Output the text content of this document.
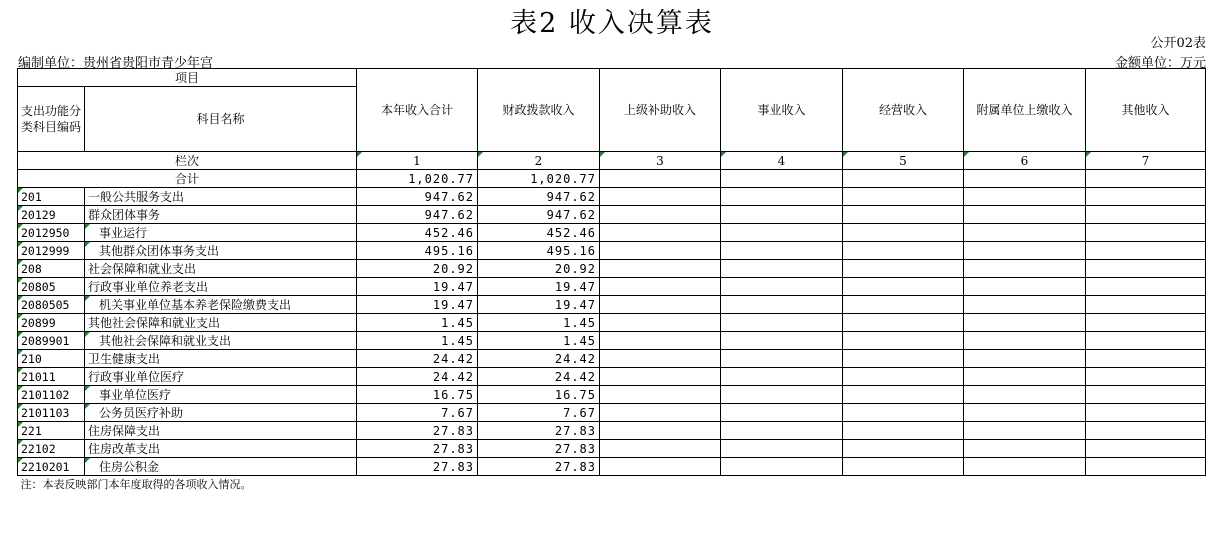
表2 收入决算表
公开02表
编制单位：贵州省贵阳市青少年宫	金额单位：万元
项目		本年收入合计	财政拨款收入	上级补助收入	事业收入	经营收入	附属单位上缴收入	其他收入
支出功能分类科目编码	科目名称							
栏次		1	2	3	4	5	6	7
合计		1,020.77	1,020.77					
201	一般公共服务支出	947.62	947.62					
20129	群众团体事务	947.62	947.62					
2012950	事业运行	452.46	452.46					
2012999	其他群众团体事务支出	495.16	495.16					
208	社会保障和就业支出	20.92	20.92					
20805	行政事业单位养老支出	19.47	19.47					
2080505	机关事业单位基本养老保险缴费支出	19.47	19.47					
20899	其他社会保障和就业支出	1.45	1.45					
2089901	其他社会保障和就业支出	1.45	1.45					
210	卫生健康支出	24.42	24.42					
21011	行政事业单位医疗	24.42	24.42					
2101102	事业单位医疗	16.75	16.75					
2101103	公务员医疗补助	7.67	7.67					
221	住房保障支出	27.83	27.83					
22102	住房改革支出	27.83	27.83					
2210201	住房公积金	27.83	27.83					
注：本表反映部门本年度取得的各项收入情况。								
